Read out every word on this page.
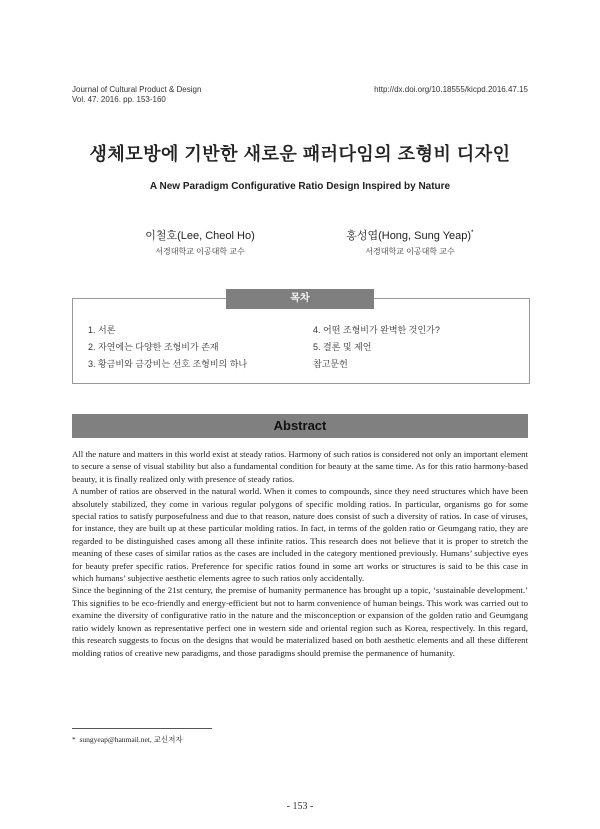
Journal of Cultural Product & Design
Vol. 47. 2016. pp. 153-160
http://dx.doi.org/10.18555/kicpd.2016.47.15
생체모방에 기반한 새로운 패러다임의 조형비 디자인
A New Paradigm Configurative Ratio Design Inspired by Nature
이철호(Lee, Cheol Ho)
서경대학교 이공대학 교수
홍성엽(Hong, Sung Yeap)*
서경대학교 이공대학 교수
목차
1. 서론
2. 자연에는 다양한 조형비가 존재
3. 황금비와 금강비는 선호 조형비의 하나
4. 어떤 조형비가 완벽한 것인가?
5. 결론 및 제언
참고문헌
Abstract

All the nature and matters in this world exist at steady ratios. Harmony of such ratios is considered not only an important element to secure a sense of visual stability but also a fundamental condition for beauty at the same time. As for this ratio harmony-based beauty, it is finally realized only with presence of steady ratios.

A number of ratios are observed in the natural world. When it comes to compounds, since they need structures which have been absolutely stabilized, they come in various regular polygons of specific molding ratios. In particular, organisms go for some special ratios to satisfy purposefulness and due to that reason, nature does consist of such a diversity of ratios. In case of viruses, for instance, they are built up at these particular molding ratios. In fact, in terms of the golden ratio or Geumgang ratio, they are regarded to be distinguished cases among all these infinite ratios. This research does not believe that it is proper to stretch the meaning of these cases of similar ratios as the cases are included in the category mentioned previously. Humans’ subjective eyes for beauty prefer specific ratios. Preference for specific ratios found in some art works or structures is said to be this case in which humans’ subjective aesthetic elements agree to such ratios only accidentally.

Since the beginning of the 21st century, the premise of humanity permanence has brought up a topic, ‘sustainable development.’ This signifies to be eco-friendly and energy-efficient but not to harm convenience of human beings. This work was carried out to examine the diversity of configurative ratio in the nature and the misconception or expansion of the golden ratio and Geumgang ratio widely known as representative perfect one in western side and oriental region such as Korea, respectively. In this regard, this research suggests to focus on the designs that would be materialized based on both aesthetic elements and all these different molding ratios of creative new paradigms, and those paradigms should premise the permanence of humanity.

* sungyeap@hanmail.net, 교신저자
- 153 -
